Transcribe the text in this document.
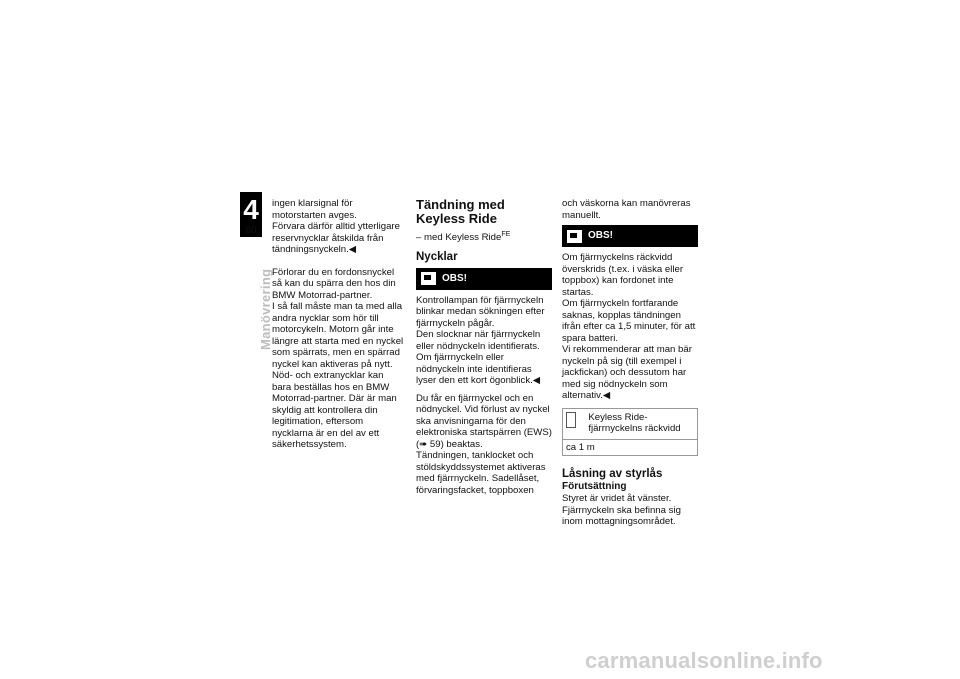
4
60
Manövrering

ingen klarsignal för motorstarten avges.

Förvara därför alltid ytterligare reservnycklar åtskilda från tändningsnyckeln.◀

Förlorar du en fordonsnyckel så kan du spärra den hos din BMW Motorrad-partner.

I så fall måste man ta med alla andra nycklar som hör till motorcykeln. Motorn går inte längre att starta med en nyckel som spärrats, men en spärrad nyckel kan aktiveras på nytt.

Nöd- och extranycklar kan bara beställas hos en BMW Motorrad-partner. Där är man skyldig att kontrollera din legitimation, eftersom nycklarna är en del av ett säkerhetssystem.

Tändning med Keyless Ride

– med Keyless Ride$^{FE}$

Nycklar
OBS!

Kontrollampan för fjärrnyckeln blinkar medan sökningen efter fjärrnyckeln pågår.

Den slocknar när fjärrnyckeln eller nödnyckeln identifierats.

Om fjärrnyckeln eller nödnyckeln inte identifieras lyser den ett kort ögonblick.◀

Du får en fjärrnyckel och en nödnyckel. Vid förlust av nyckel ska anvisningarna för den elektroniska startspärren (EWS) (➠ 59) beaktas.

Tändningen, tanklocket och stöldskyddssystemet aktiveras med fjärrnyckeln. Sadellåset, förvaringsfacket, toppboxen

och väskorna kan manövreras manuellt.

OBS!

Om fjärrnyckelns räckvidd överskrids (t.ex. i väska eller toppbox) kan fordonet inte startas.

Om fjärrnyckeln fortfarande saknas, kopplas tändningen ifrån efter ca 1,5 minuter, för att spara batteri.

Vi rekommenderar att man bär nyckeln på sig (till exempel i jackfickan) och dessutom har med sig nödnyckeln som alternativ.◀

Keyless Ride-fjärrnyckelns räckvidd
ca 1 m
Låsning av styrlås
Förutsättning

Styret är vridet åt vänster. Fjärrnyckeln ska befinna sig inom mottagningsområdet.

carmanualsonline.info
